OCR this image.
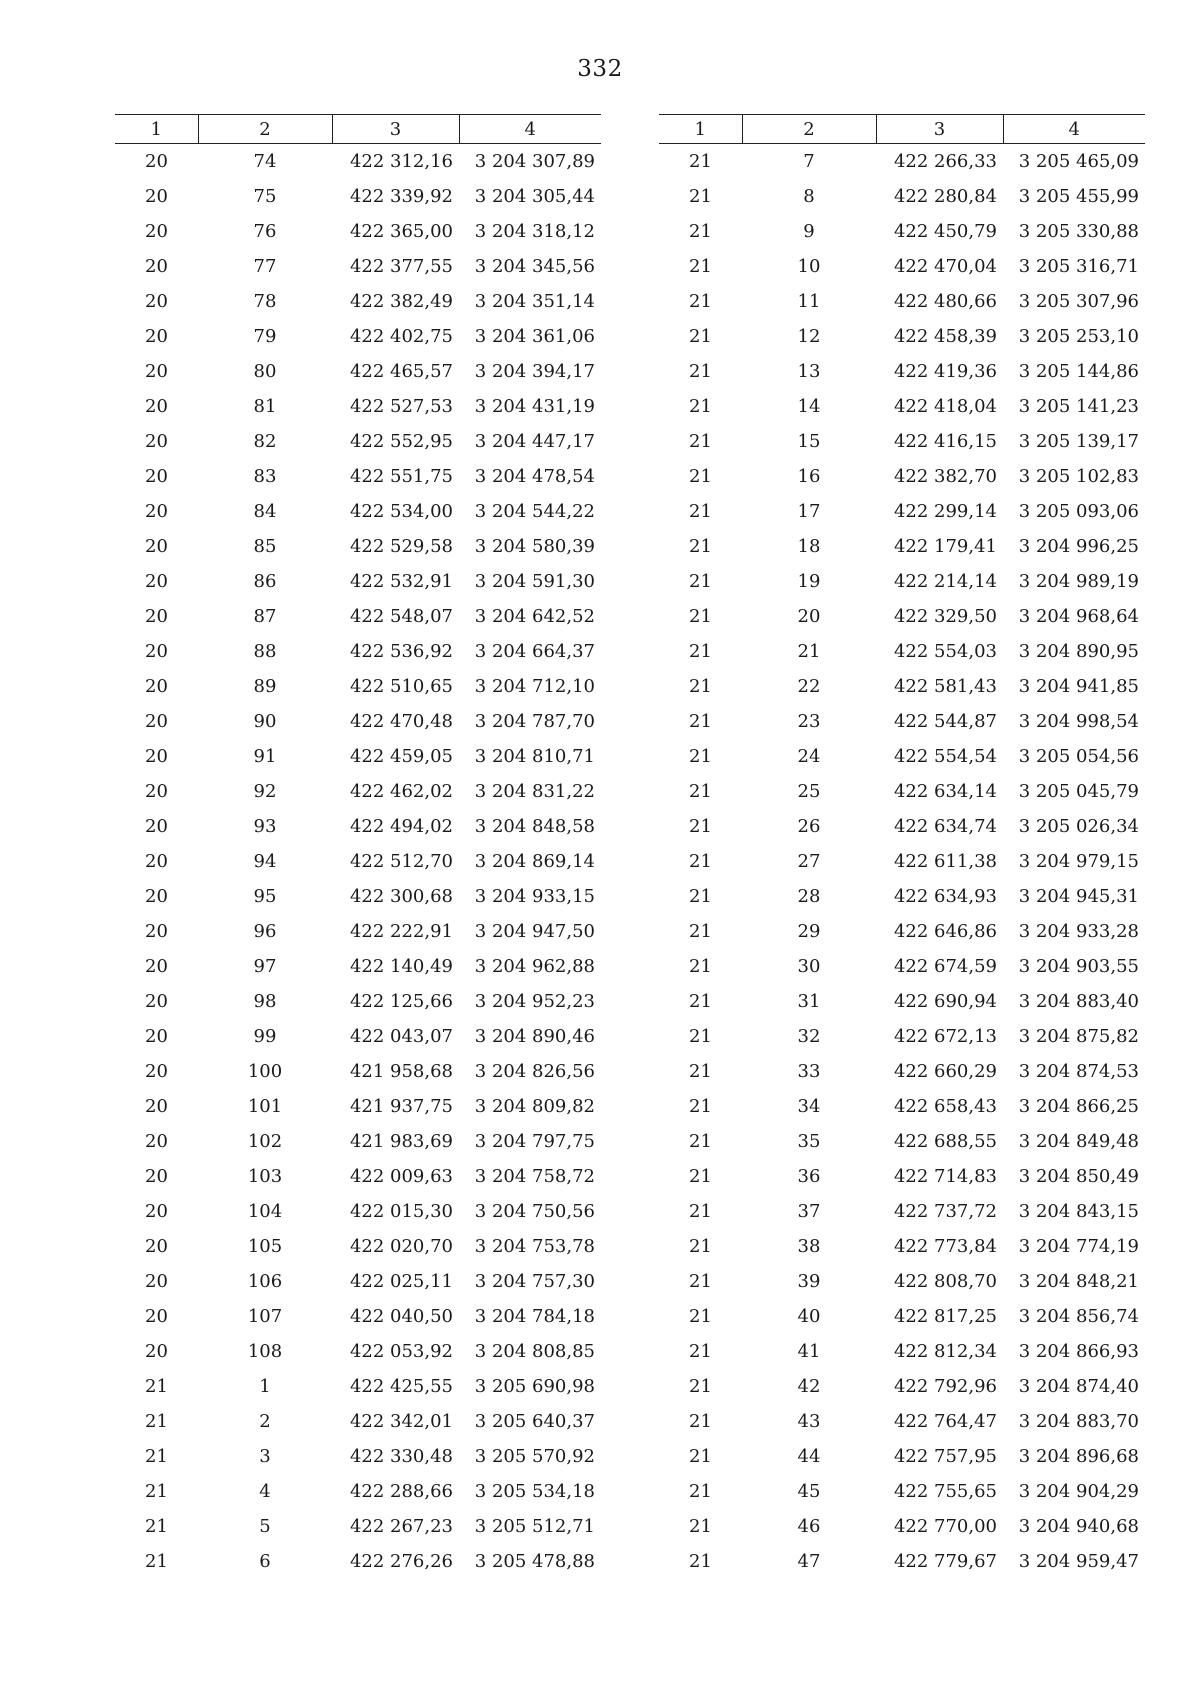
332
1	2	3	4
20	74	422 312,16	3 204 307,89
20	75	422 339,92	3 204 305,44
20	76	422 365,00	3 204 318,12
20	77	422 377,55	3 204 345,56
20	78	422 382,49	3 204 351,14
20	79	422 402,75	3 204 361,06
20	80	422 465,57	3 204 394,17
20	81	422 527,53	3 204 431,19
20	82	422 552,95	3 204 447,17
20	83	422 551,75	3 204 478,54
20	84	422 534,00	3 204 544,22
20	85	422 529,58	3 204 580,39
20	86	422 532,91	3 204 591,30
20	87	422 548,07	3 204 642,52
20	88	422 536,92	3 204 664,37
20	89	422 510,65	3 204 712,10
20	90	422 470,48	3 204 787,70
20	91	422 459,05	3 204 810,71
20	92	422 462,02	3 204 831,22
20	93	422 494,02	3 204 848,58
20	94	422 512,70	3 204 869,14
20	95	422 300,68	3 204 933,15
20	96	422 222,91	3 204 947,50
20	97	422 140,49	3 204 962,88
20	98	422 125,66	3 204 952,23
20	99	422 043,07	3 204 890,46
20	100	421 958,68	3 204 826,56
20	101	421 937,75	3 204 809,82
20	102	421 983,69	3 204 797,75
20	103	422 009,63	3 204 758,72
20	104	422 015,30	3 204 750,56
20	105	422 020,70	3 204 753,78
20	106	422 025,11	3 204 757,30
20	107	422 040,50	3 204 784,18
20	108	422 053,92	3 204 808,85
21	1	422 425,55	3 205 690,98
21	2	422 342,01	3 205 640,37
21	3	422 330,48	3 205 570,92
21	4	422 288,66	3 205 534,18
21	5	422 267,23	3 205 512,71
21	6	422 276,26	3 205 478,88
1	2	3	4
21	7	422 266,33	3 205 465,09
21	8	422 280,84	3 205 455,99
21	9	422 450,79	3 205 330,88
21	10	422 470,04	3 205 316,71
21	11	422 480,66	3 205 307,96
21	12	422 458,39	3 205 253,10
21	13	422 419,36	3 205 144,86
21	14	422 418,04	3 205 141,23
21	15	422 416,15	3 205 139,17
21	16	422 382,70	3 205 102,83
21	17	422 299,14	3 205 093,06
21	18	422 179,41	3 204 996,25
21	19	422 214,14	3 204 989,19
21	20	422 329,50	3 204 968,64
21	21	422 554,03	3 204 890,95
21	22	422 581,43	3 204 941,85
21	23	422 544,87	3 204 998,54
21	24	422 554,54	3 205 054,56
21	25	422 634,14	3 205 045,79
21	26	422 634,74	3 205 026,34
21	27	422 611,38	3 204 979,15
21	28	422 634,93	3 204 945,31
21	29	422 646,86	3 204 933,28
21	30	422 674,59	3 204 903,55
21	31	422 690,94	3 204 883,40
21	32	422 672,13	3 204 875,82
21	33	422 660,29	3 204 874,53
21	34	422 658,43	3 204 866,25
21	35	422 688,55	3 204 849,48
21	36	422 714,83	3 204 850,49
21	37	422 737,72	3 204 843,15
21	38	422 773,84	3 204 774,19
21	39	422 808,70	3 204 848,21
21	40	422 817,25	3 204 856,74
21	41	422 812,34	3 204 866,93
21	42	422 792,96	3 204 874,40
21	43	422 764,47	3 204 883,70
21	44	422 757,95	3 204 896,68
21	45	422 755,65	3 204 904,29
21	46	422 770,00	3 204 940,68
21	47	422 779,67	3 204 959,47
